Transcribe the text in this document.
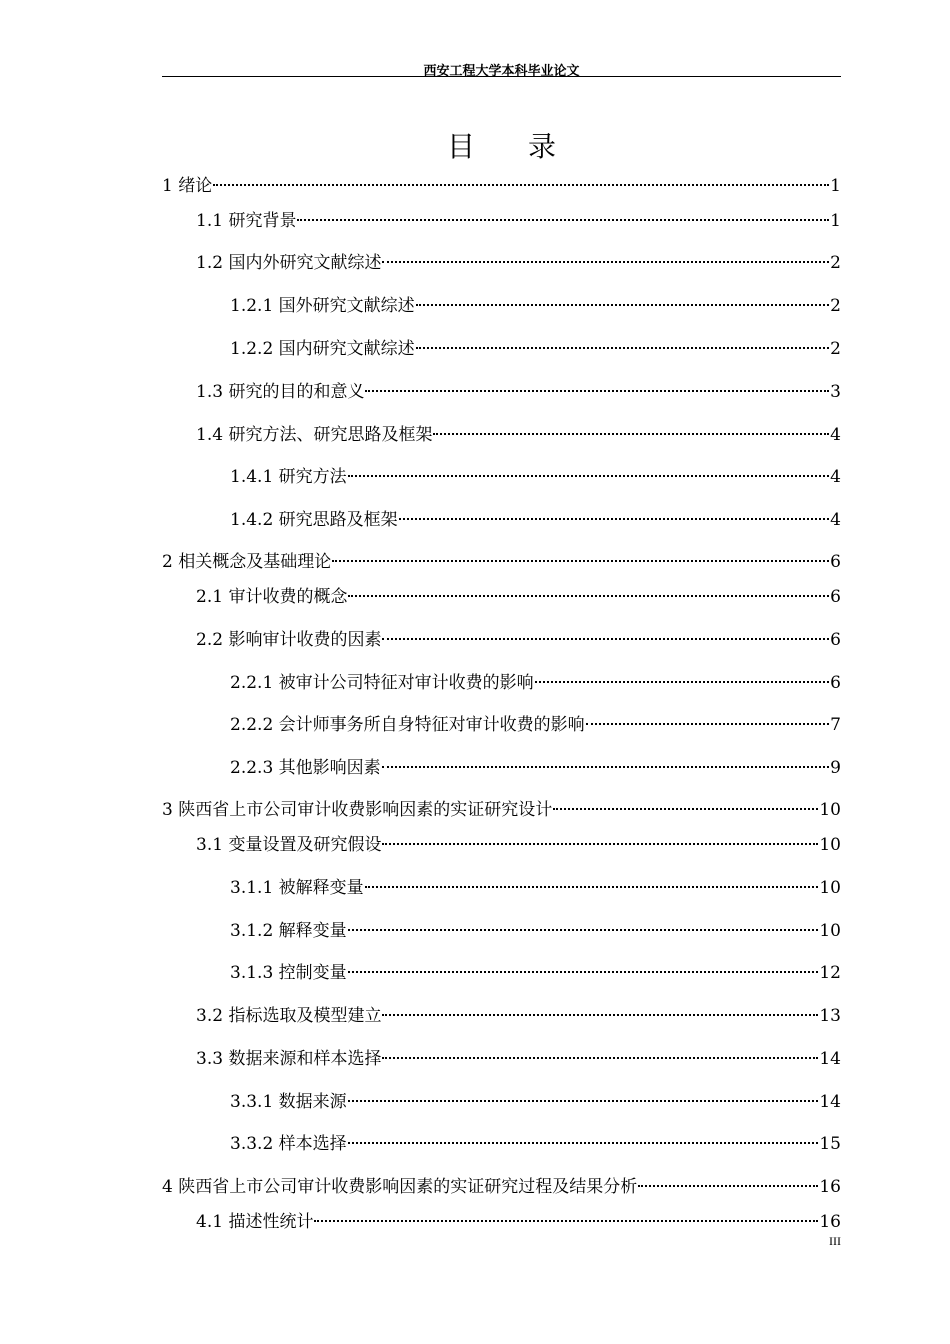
西安工程大学本科毕业论文
目 录
1 绪论	1
1.1 研究背景	1
1.2 国内外研究文献综述	2
1.2.1 国外研究文献综述	2
1.2.2 国内研究文献综述	2
1.3 研究的目的和意义	3
1.4 研究方法、研究思路及框架	4
1.4.1 研究方法	4
1.4.2 研究思路及框架	4
2 相关概念及基础理论	6
2.1 审计收费的概念	6
2.2 影响审计收费的因素	6
2.2.1 被审计公司特征对审计收费的影响	6
2.2.2 会计师事务所自身特征对审计收费的影响	7
2.2.3 其他影响因素	9
3 陕西省上市公司审计收费影响因素的实证研究设计	10
3.1 变量设置及研究假设	10
3.1.1 被解释变量	10
3.1.2 解释变量	10
3.1.3 控制变量	12
3.2 指标选取及模型建立	13
3.3 数据来源和样本选择	14
3.3.1 数据来源	14
3.3.2 样本选择	15
4 陕西省上市公司审计收费影响因素的实证研究过程及结果分析	16
4.1 描述性统计	16
III
